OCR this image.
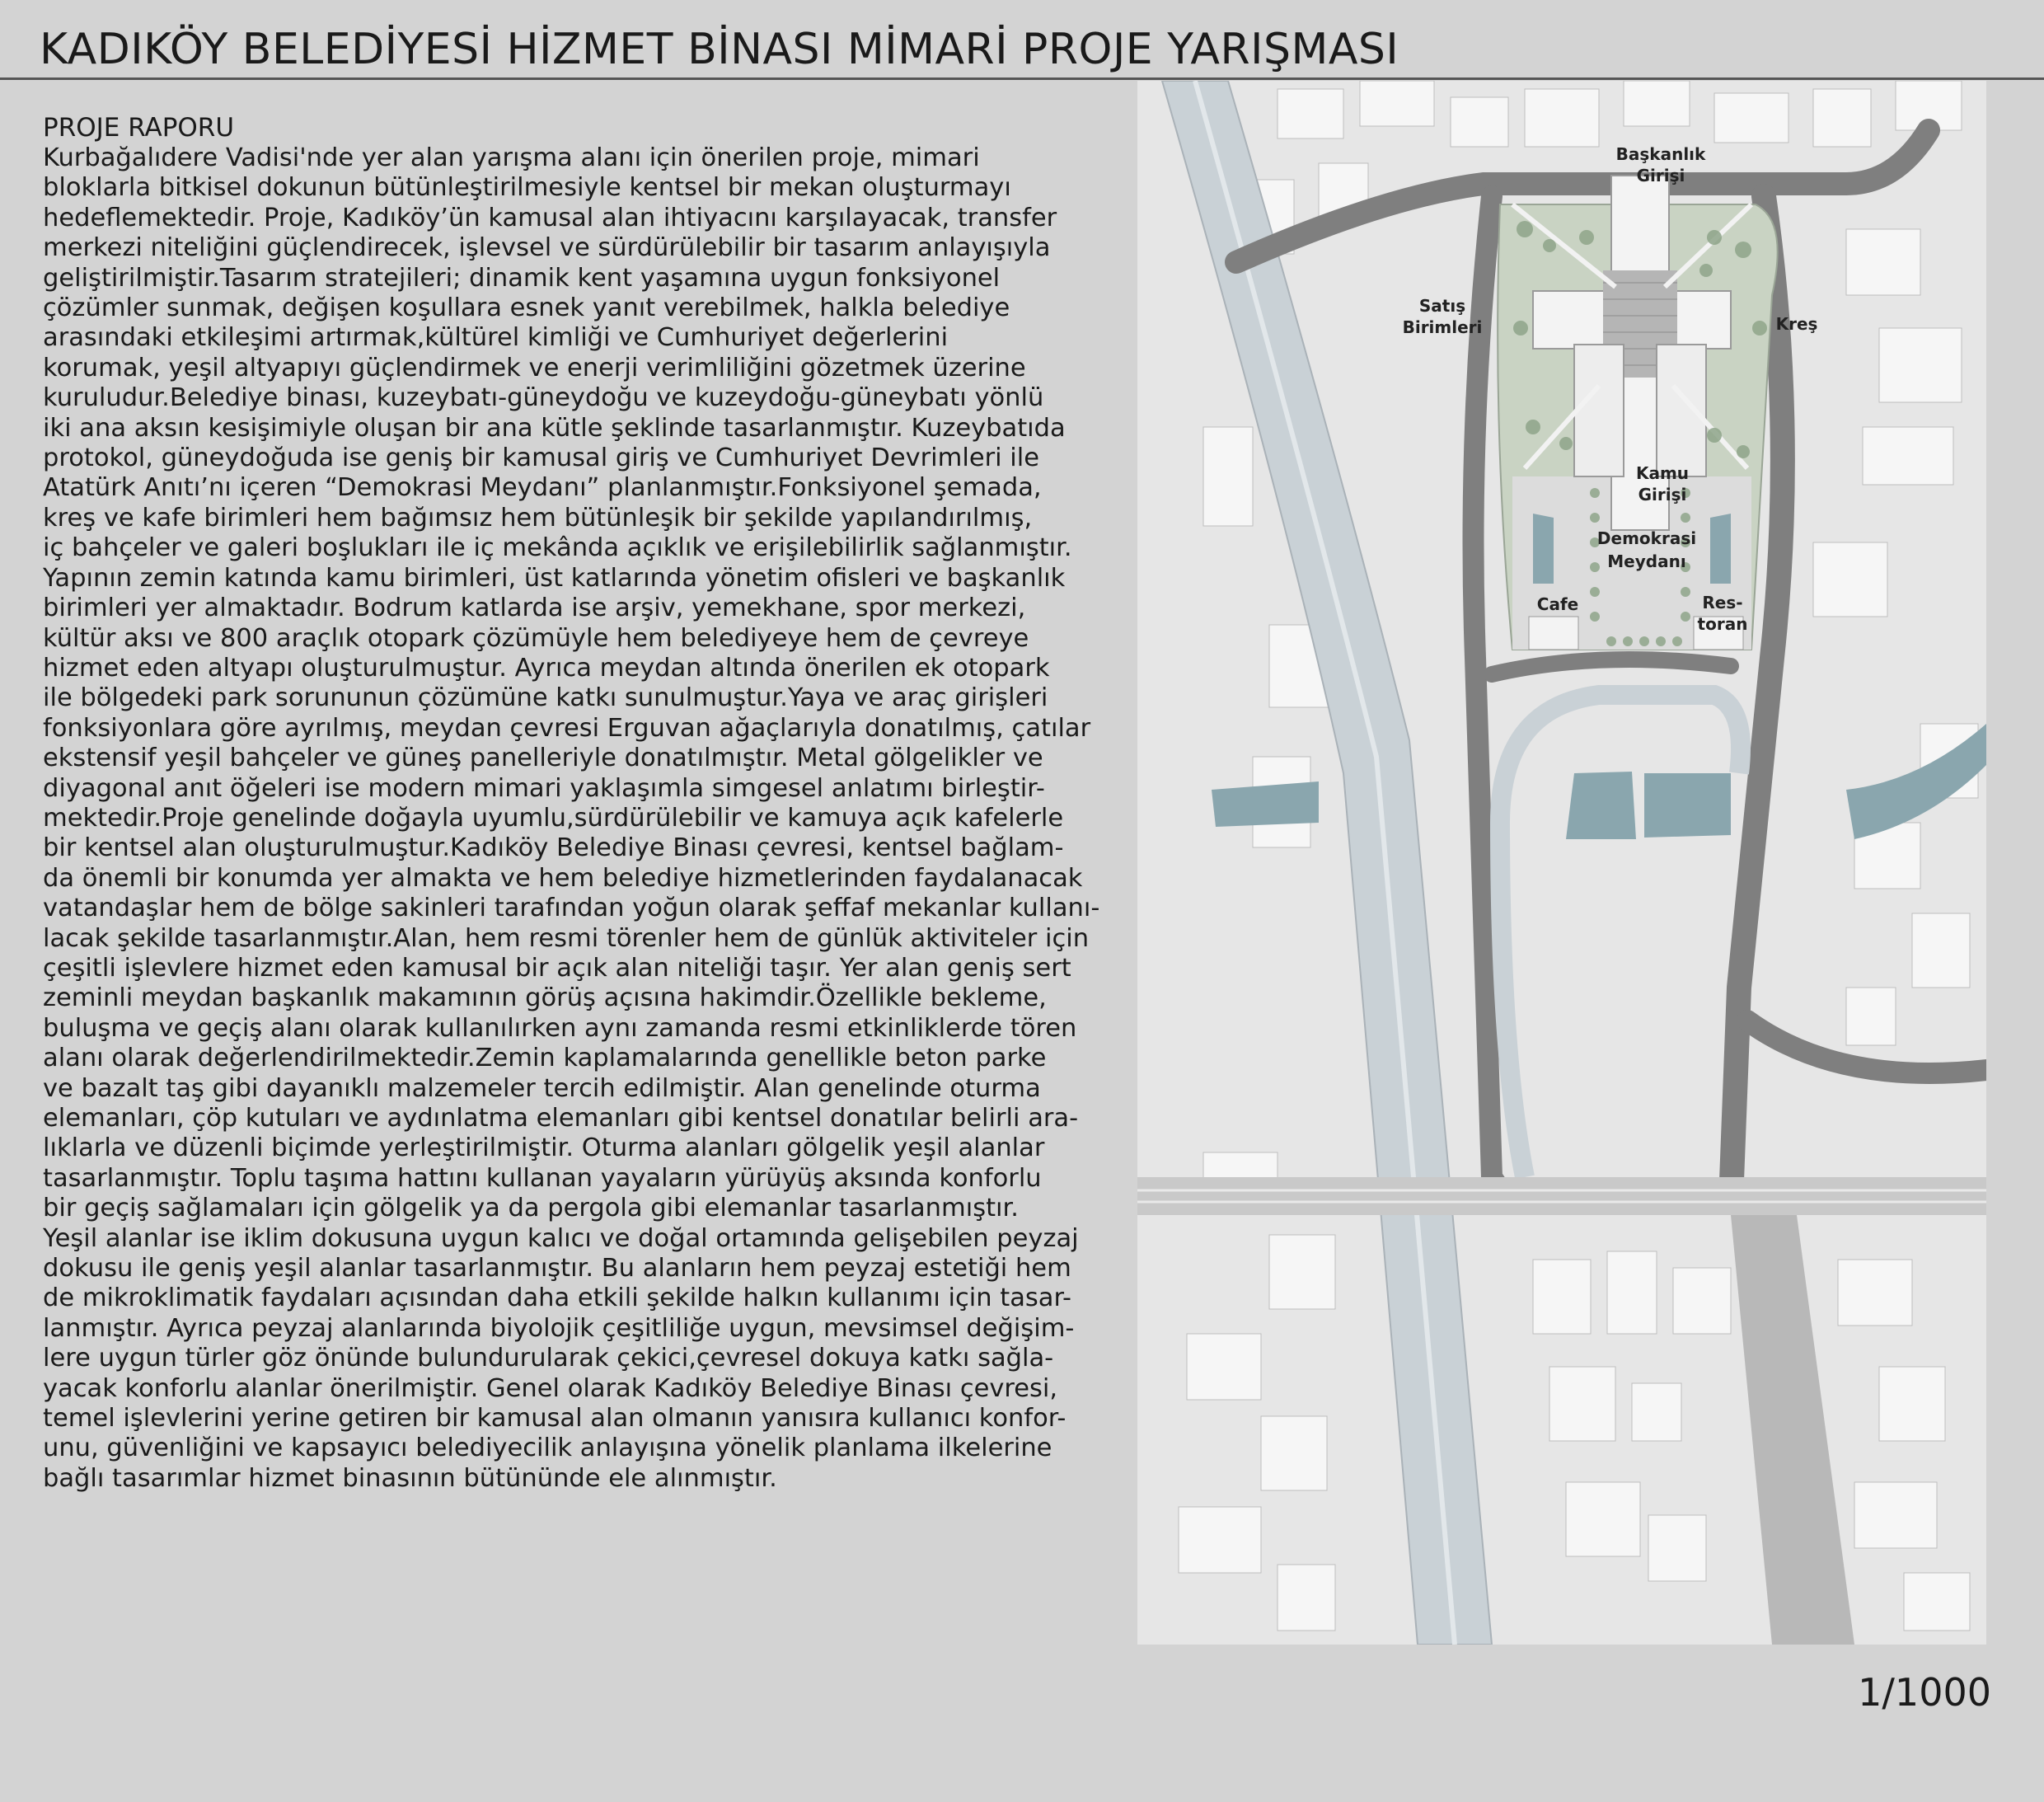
KADIKÖY BELEDİYESİ HİZMET BİNASI MİMARİ PROJE YARIŞMASI

PROJE RAPORU

Kurbağalıdere Vadisi'nde yer alan yarışma alanı için önerilen proje, mimari

bloklarla bitkisel dokunun bütünleştirilmesiyle kentsel bir mekan oluşturmayı

hedeflemektedir. Proje, Kadıköy’ün kamusal alan ihtiyacını karşılayacak, transfer

merkezi niteliğini güçlendirecek, işlevsel ve sürdürülebilir bir tasarım anlayışıyla

geliştirilmiştir.Tasarım stratejileri; dinamik kent yaşamına uygun fonksiyonel

çözümler sunmak, değişen koşullara esnek yanıt verebilmek, halkla belediye

arasındaki etkileşimi artırmak,kültürel kimliği ve Cumhuriyet değerlerini

korumak, yeşil altyapıyı güçlendirmek ve enerji verimliliğini gözetmek üzerine

kuruludur.Belediye binası, kuzeybatı-güneydoğu ve kuzeydoğu-güneybatı yönlü

iki ana aksın kesişimiyle oluşan bir ana kütle şeklinde tasarlanmıştır. Kuzeybatıda

protokol, güneydoğuda ise geniş bir kamusal giriş ve Cumhuriyet Devrimleri ile

Atatürk Anıtı’nı içeren “Demokrasi Meydanı” planlanmıştır.Fonksiyonel şemada,

kreş ve kafe birimleri hem bağımsız hem bütünleşik bir şekilde yapılandırılmış,

iç bahçeler ve galeri boşlukları ile iç mekânda açıklık ve erişilebilirlik sağlanmıştır.

Yapının zemin katında kamu birimleri, üst katlarında yönetim ofisleri ve başkanlık

birimleri yer almaktadır. Bodrum katlarda ise arşiv, yemekhane, spor merkezi,

kültür aksı ve 800 araçlık otopark çözümüyle hem belediyeye hem de çevreye

hizmet eden altyapı oluşturulmuştur. Ayrıca meydan altında önerilen ek otopark

ile bölgedeki park sorununun çözümüne katkı sunulmuştur.Yaya ve araç girişleri

fonksiyonlara göre ayrılmış, meydan çevresi Erguvan ağaçlarıyla donatılmış, çatılar

ekstensif yeşil bahçeler ve güneş panelleriyle donatılmıştır. Metal gölgelikler ve

diyagonal anıt öğeleri ise modern mimari yaklaşımla simgesel anlatımı birleştir-

mektedir.Proje genelinde doğayla uyumlu,sürdürülebilir ve kamuya açık kafelerle

bir kentsel alan oluşturulmuştur.Kadıköy Belediye Binası çevresi, kentsel bağlam-

da önemli bir konumda yer almakta ve hem belediye hizmetlerinden faydalanacak

vatandaşlar hem de bölge sakinleri tarafından yoğun olarak şeffaf mekanlar kullanı-

lacak şekilde tasarlanmıştır.Alan, hem resmi törenler hem de günlük aktiviteler için

çeşitli işlevlere hizmet eden kamusal bir açık alan niteliği taşır. Yer alan geniş sert

zeminli meydan başkanlık makamının görüş açısına hakimdir.Özellikle bekleme,

buluşma ve geçiş alanı olarak kullanılırken aynı zamanda resmi etkinliklerde tören

alanı olarak değerlendirilmektedir.Zemin kaplamalarında genellikle beton parke

ve bazalt taş gibi dayanıklı malzemeler tercih edilmiştir. Alan genelinde oturma

elemanları, çöp kutuları ve aydınlatma elemanları gibi kentsel donatılar belirli ara-

lıklarla ve düzenli biçimde yerleştirilmiştir. Oturma alanları gölgelik yeşil alanlar

tasarlanmıştır. Toplu taşıma hattını kullanan yayaların yürüyüş aksında konforlu

bir geçiş sağlamaları için gölgelik ya da pergola gibi elemanlar tasarlanmıştır.

Yeşil alanlar ise iklim dokusuna uygun kalıcı ve doğal ortamında gelişebilen peyzaj

dokusu ile geniş yeşil alanlar tasarlanmıştır. Bu alanların hem peyzaj estetiği hem

de mikroklimatik faydaları açısından daha etkili şekilde halkın kullanımı için tasar-

lanmıştır. Ayrıca peyzaj alanlarında biyolojik çeşitliliğe uygun, mevsimsel değişim-

lere uygun türler göz önünde bulundurularak çekici,çevresel dokuya katkı sağla-

yacak konforlu alanlar önerilmiştir. Genel olarak Kadıköy Belediye Binası çevresi,

temel işlevlerini yerine getiren bir kamusal alan olmanın yanısıra kullanıcı konfor-

unu, güvenliğini ve kapsayıcı belediyecilik anlayışına yönelik planlama ilkelerine

bağlı tasarımlar hizmet binasının bütününde ele alınmıştır.

Başkanlık
Girişi
Satış
Birimleri	Kreş
Kamu
Girişi
Demokrasi
Meydanı
Cafe	Res-
toran
1/1000
